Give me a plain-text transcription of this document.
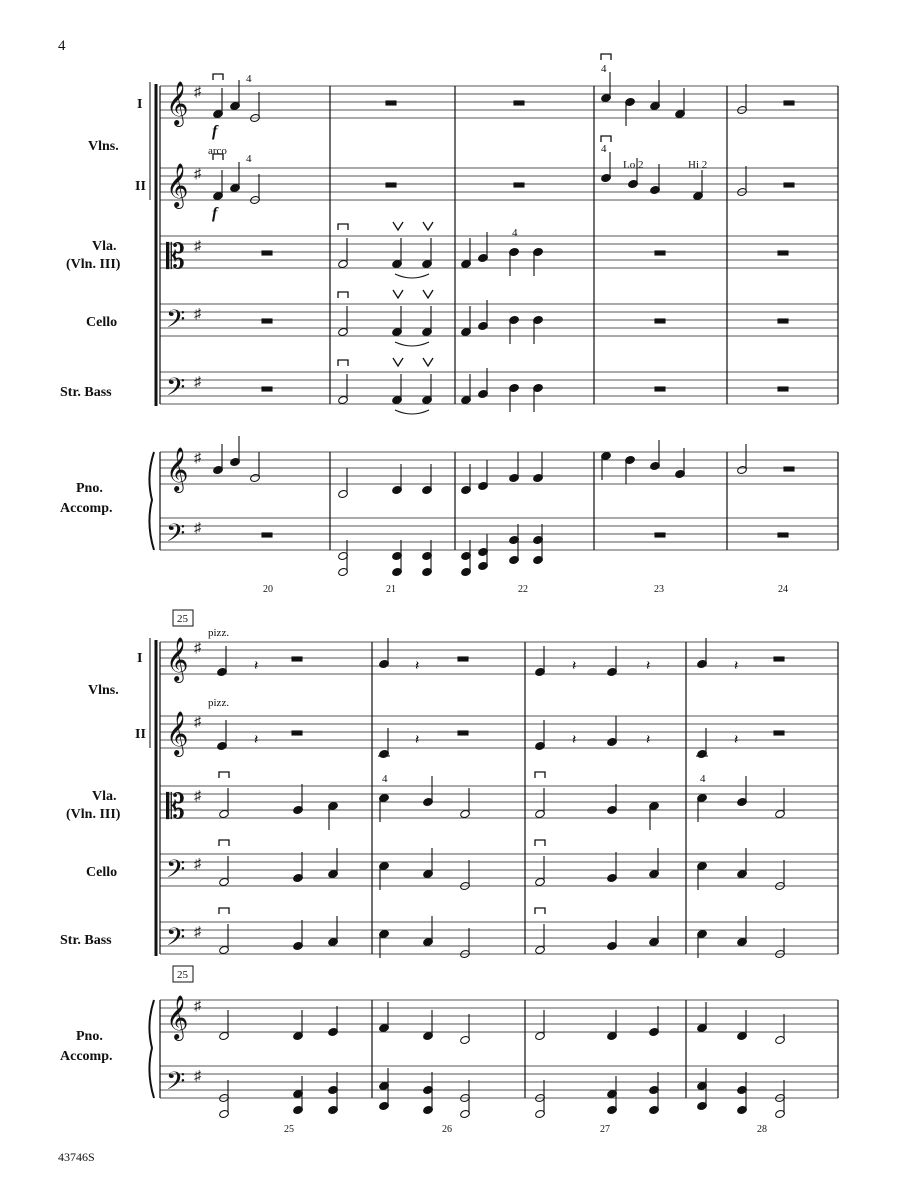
4
𝄞
𝄞
𝄡
𝄢
𝄢
𝄞
𝄢
♯
♯
♯
♯
♯
♯
♯
𝄞
𝄞
𝄡
𝄢
𝄢
𝄞
𝄢
♯
♯
♯
♯
♯
♯
♯
𝄽	𝄽	𝄽	𝄽	𝄽
𝄽	𝄽	𝄽	𝄽	𝄽
Vlns.
I
II
Vla.
(Vln. III)
Cello
Str. Bass
Pno.
Accomp.
Vlns.
I
II
Vla.
(Vln. III)
Cello
Str. Bass
Pno.
Accomp.
f
arco
f
4
4
4
4
4
Lo 2	Hi 2
pizz.
pizz.
4	4
25
25
20	21	22	23	24
25	26	27	28
43746S
